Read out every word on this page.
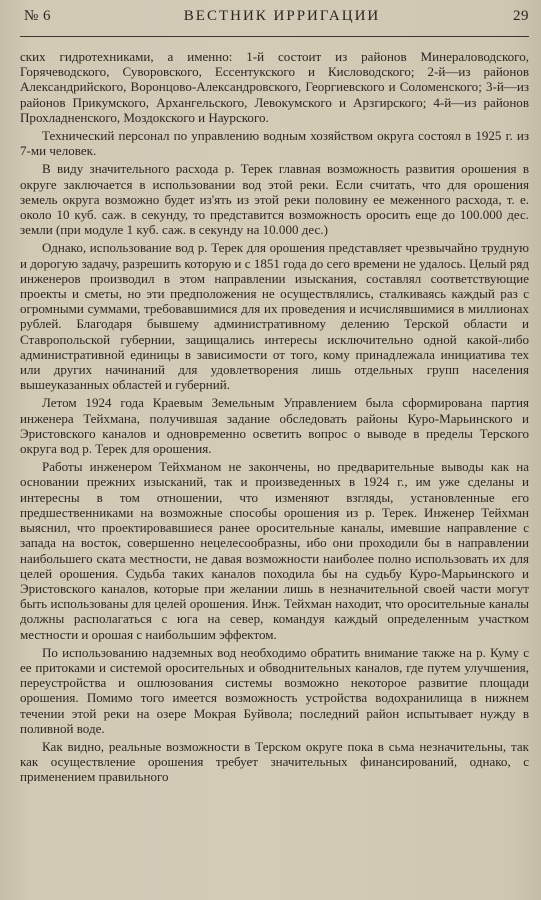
№ 6	ВЕСТНИК ИРРИГАЦИИ	29

ских гидротехниками, а именно: 1-й состоит из районов Минераловодского, Горячеводского, Суворовского, Ессентукского и Кисловодского; 2-й—из районов Александрийского, Воронцово-Александровского, Георгиевского и Соломенского; 3-й—из районов Прикумского, Архангельского, Левокумского и Арзгирского; 4-й—из районов Прохладненского, Моздокского и Наурского.

Технический персонал по управлению водным хозяйством округа состоял в 1925 г. из 7-ми человек.

В виду значительного расхода р. Терек главная возможность развития орошения в округе заключается в использовании вод этой реки. Если считать, что для орошения земель округа возможно будет из'ять из этой реки половину ее меженного расхода, т. е. около 10 куб. саж. в секунду, то представится возможность оросить еще до 100.000 дес. земли (при модуле 1 куб. саж. в секунду на 10.000 дес.)

Однако, использование вод р. Терек для орошения представляет чрезвычайно трудную и дорогую задачу, разрешить которую и с 1851 года до сего времени не удалось. Целый ряд инженеров производил в этом направлении изыскания, составлял соответствующие проекты и сметы, но эти предположения не осуществлялись, сталкиваясь каждый раз с огромными суммами, требовавшимися для их проведения и исчислявшимися в миллионах рублей. Благодаря бывшему административному делению Терской области и Ставропольской губернии, защищались интересы исключительно одной какой-либо административной единицы в зависимости от того, кому принадлежала инициатива тех или других начинаний для удовлетворения лишь отдельных групп населения вышеуказанных областей и губерний.

Летом 1924 года Краевым Земельным Управлением была сформирована партия инженера Тейхмана, получившая задание обследовать районы Куро-Марьинского и Эристовского каналов и одновременно осветить вопрос о выводе в пределы Терского округа вод р. Терек для орошения.

Работы инженером Тейхманом не закончены, но предварительные выводы как на основании прежних изысканий, так и произведенных в 1924 г., им уже сделаны и интересны в том отношении, что изменяют взгляды, установленные его предшественниками на возможные способы орошения из р. Терек. Инженер Тейхман выяснил, что проектировавшиеся ранее оросительные каналы, имевшие направление с запада на восток, совершенно нецелесообразны, ибо они проходили бы в направлении наибольшего ската местности, не давая возможности наиболее полно использовать их для целей орошения. Судьба таких каналов походила бы на судьбу Куро-Марьинского и Эристовского каналов, которые при желании лишь в незначительной своей части могут быть использованы для целей орошения. Инж. Тейхман находит, что оросительные каналы должны располагаться с юга на север, командуя каждый определенным участком местности и орошая с наибольшим эффектом.

По использованию надземных вод необходимо обратить внимание также на р. Куму с ее притоками и системой оросительных и обводнительных каналов, где путем улучшения, переустройства и ошлюзования системы возможно некоторое развитие площади орошения. Помимо того имеется возможность устройства водохранилища в нижнем течении этой реки на озере Мокрая Буйвола; последний район испытывает нужду в поливной воде.

Как видно, реальные возможности в Терском округе пока в сьма незначительны, так как осуществление орошения требует значительных финансирований, однако, с применением правильного
